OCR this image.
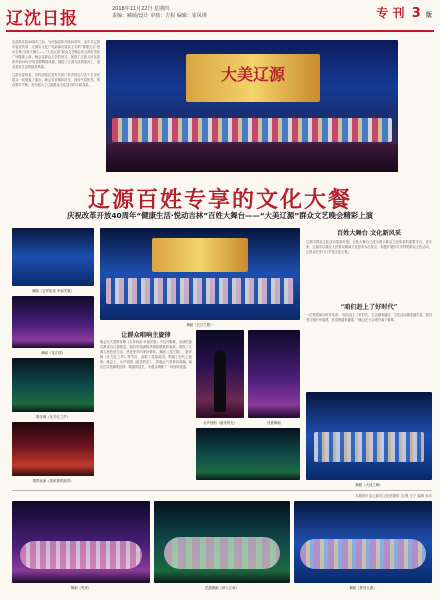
辽沈日报	2018年11月22日 星期四
责编：臧硕/设计 审核：方程 编辑：崔凤瑛	专 刊 3 版

在改革开放40周年之际，为庆祝改革开放40周年，由中共辽源市委宣传部、辽源市文化广电新闻出版局主办的“健康生活·悦动吉林”百姓大舞台——“大美辽源”群众文艺晚会在辽源市市民广场隆重上演。晚会以群众文艺的形式，展现了辽源人民在改革开放40年中取得的辉煌成就，描绘了辽源人民积极向上、追求美好生活的精神风貌。

辽源市委常委、宣传部部长及有关部门负责同志与近千名市民群众一同观看了演出。晚会节目精彩纷呈，现场气氛热烈，观众掌声不断，充分展示了辽源群众文化活动的丰硕成果。

大美辽源
辽源百姓专享的文化大餐
庆祝改革开放40周年“健康生活·悦动吉林”百姓大舞台——“大美辽源”群众文艺晚会精彩上演
舞蹈《吉祥如意 幸福安康》
舞蹈《龙江情》
歌伴舞《东方红之声》
情景表演《我和我的祖国》
舞蹈《长江之歌》
让群众唱响主旋律
晚会在大型歌伴舞《吉祥如意 幸福安康》中拉开帷幕，参演的演员都来自辽源基层，他们用饱满的热情和精湛的表演，展现了辽源人民热爱生活、热爱家乡的美好情怀。舞蹈《龙江情》、歌伴舞《东方红之声》等节目，讴歌了党和祖国，唱响了时代主旋律。晚会上，女声独唱《最美的光》，将晚会气氛推向高潮。演员们以饱满的热情、精湛的技艺，为观众奉献了一场视听盛宴。
女声独唱《最美的光》	民族舞蹈
百姓大舞台 文化新风采
辽源市群众文化活动蓬勃开展，百姓大舞台已成为展示群众文化风采的重要平台。近年来，辽源市以满足人民群众精神文化需求为出发点，积极开展形式多样的群众文化活动，让群众在家门口享受文化大餐。
“咱们赶上了好时代”
一位观看演出的市民说：“咱们赶上了好时代，生活越来越好，文化活动越来越丰富，我们老百姓的幸福感、获得感越来越强。”晚会在大合唱中落下帷幕。
舞蹈《大河之舞》
本版图片由辽源市文化馆提供 文/图 王宁 编辑 孙乐
舞蹈《风采》	花篮舞蹈《梦入江南》	舞蹈《梦回大唐》
